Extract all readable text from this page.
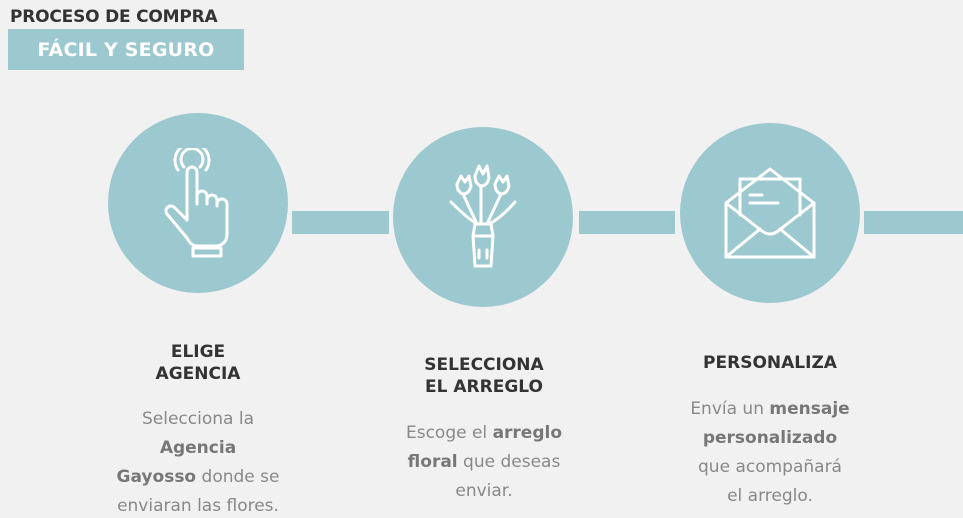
PROCESO DE COMPRA
FÁCIL Y SEGURO
ELIGE
AGENCIA
Selecciona la
Agencia
Gayosso donde se
enviaran las flores.
SELECCIONA
EL ARREGLO
Escoge el arreglo
floral que deseas
enviar.
PERSONALIZA
Envía un mensaje
personalizado
que acompañará
el arreglo.
